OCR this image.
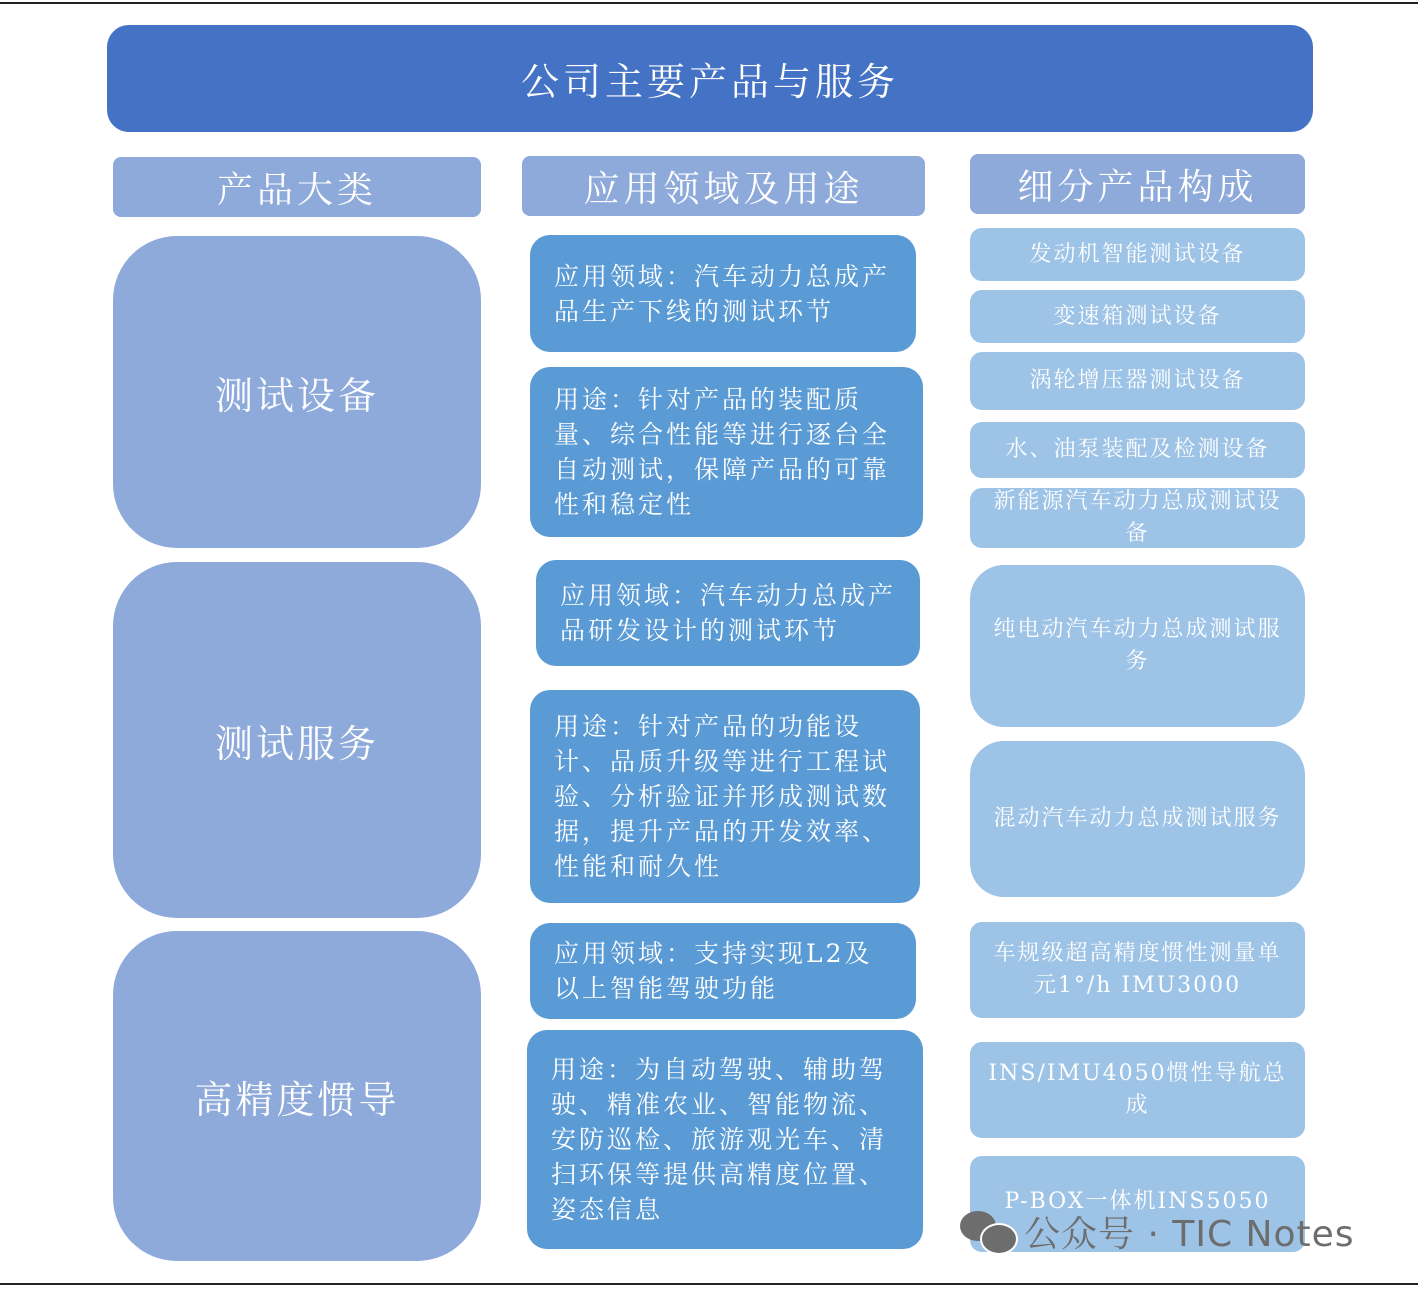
公司主要产品与服务
产品大类	应用领域及用途	细分产品构成
测试设备
应用领域：汽车动力总成产品生产下线的测试环节
用途：针对产品的装配质量、综合性能等进行逐台全自动测试，保障产品的可靠性和稳定性
发动机智能测试设备
变速箱测试设备
涡轮增压器测试设备
水、油泵装配及检测设备
新能源汽车动力总成测试设备
测试服务
应用领域：汽车动力总成产品研发设计的测试环节
用途：针对产品的功能设计、品质升级等进行工程试验、分析验证并形成测试数据，提升产品的开发效率、性能和耐久性
纯电动汽车动力总成测试服务
混动汽车动力总成测试服务
高精度惯导
应用领域：支持实现L2及以上智能驾驶功能
用途：为自动驾驶、辅助驾驶、精准农业、智能物流、安防巡检、旅游观光车、清扫环保等提供高精度位置、姿态信息
车规级超高精度惯性测量单元1°/h IMU3000
INS/IMU4050惯性导航总成
P-BOX一体机INS5050
公众号 · TIC Notes
